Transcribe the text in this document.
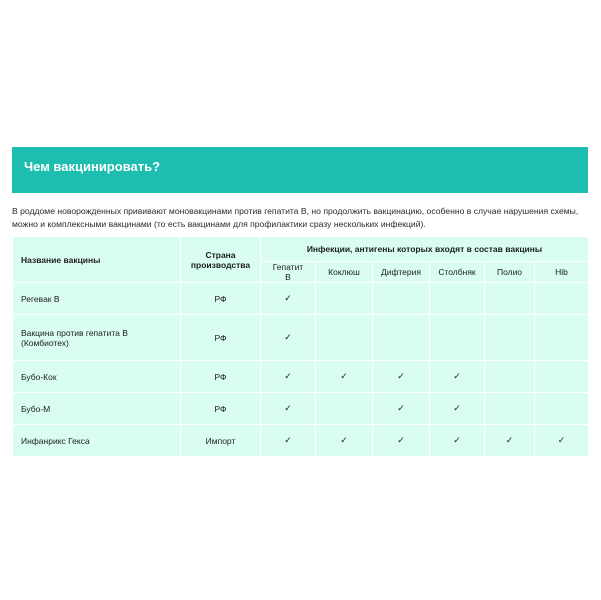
Чем вакцинировать?
В роддоме новорожденных прививают моновакцинами против гепатита В, но продолжить вакцинацию, особенно в случае нарушения схемы, можно и комплексными вакцинами (то есть вакцинами для профилактики сразу нескольких инфекций).
Название вакцины	Страна производства	Инфекции, антигены которых входят в состав вакцины					
		Гепатит В	Коклюш	Дифтерия	Столбняк	Полио	Hib
Регевак В	РФ	✓					
Вакцина против гепатита В (Комбиотех)	РФ	✓					
Бубо-Кок	РФ	✓	✓	✓	✓		
Бубо-М	РФ	✓		✓	✓		
Инфанрикс Гекса	Импорт	✓	✓	✓	✓	✓	✓
